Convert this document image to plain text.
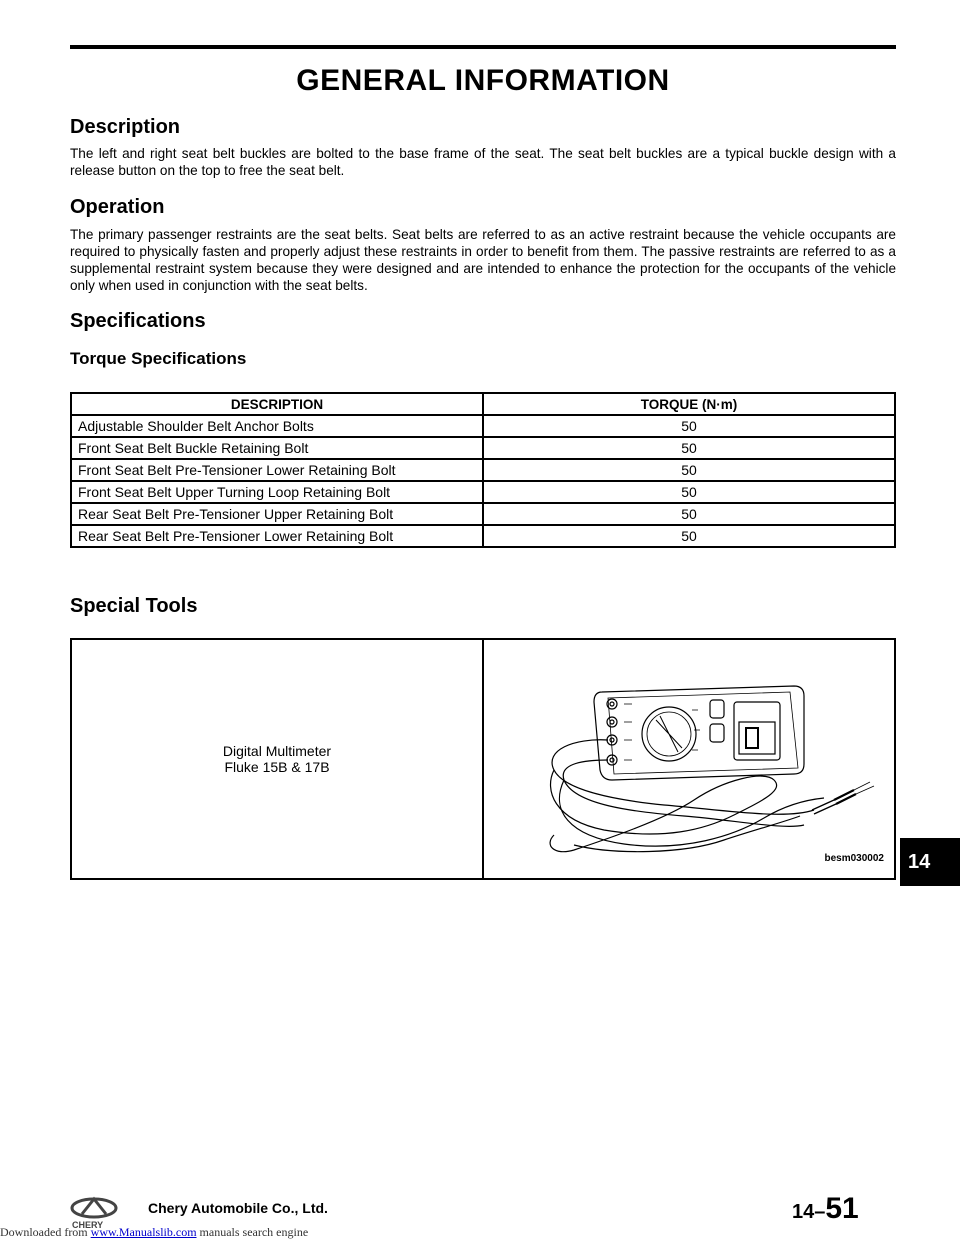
GENERAL INFORMATION
Description

The left and right seat belt buckles are bolted to the base frame of the seat. The seat belt buckles are a typical buckle design with a release button on the top to free the seat belt.

Operation

The primary passenger restraints are the seat belts. Seat belts are referred to as an active restraint because the vehicle occupants are required to physically fasten and properly adjust these restraints in order to benefit from them. The passive restraints are referred to as a supplemental restraint system because they were designed and are intended to enhance the protection for the occupants of the vehicle only when used in conjunction with the seat belts.

Specifications
Torque Specifications
DESCRIPTION	TORQUE (N·m)
Adjustable Shoulder Belt Anchor Bolts	50
Front Seat Belt Buckle Retaining Bolt	50
Front Seat Belt Pre-Tensioner Lower Retaining Bolt	50
Front Seat Belt Upper Turning Loop Retaining Bolt	50
Rear Seat Belt Pre-Tensioner Upper Retaining Bolt	50
Rear Seat Belt Pre-Tensioner Lower Retaining Bolt	50
Special Tools
Digital Multimeter
Fluke 15B & 17B

besm030002	14
CHERY
Chery Automobile Co., Ltd.	14–51
Downloaded from www.Manualslib.com manuals search engine
